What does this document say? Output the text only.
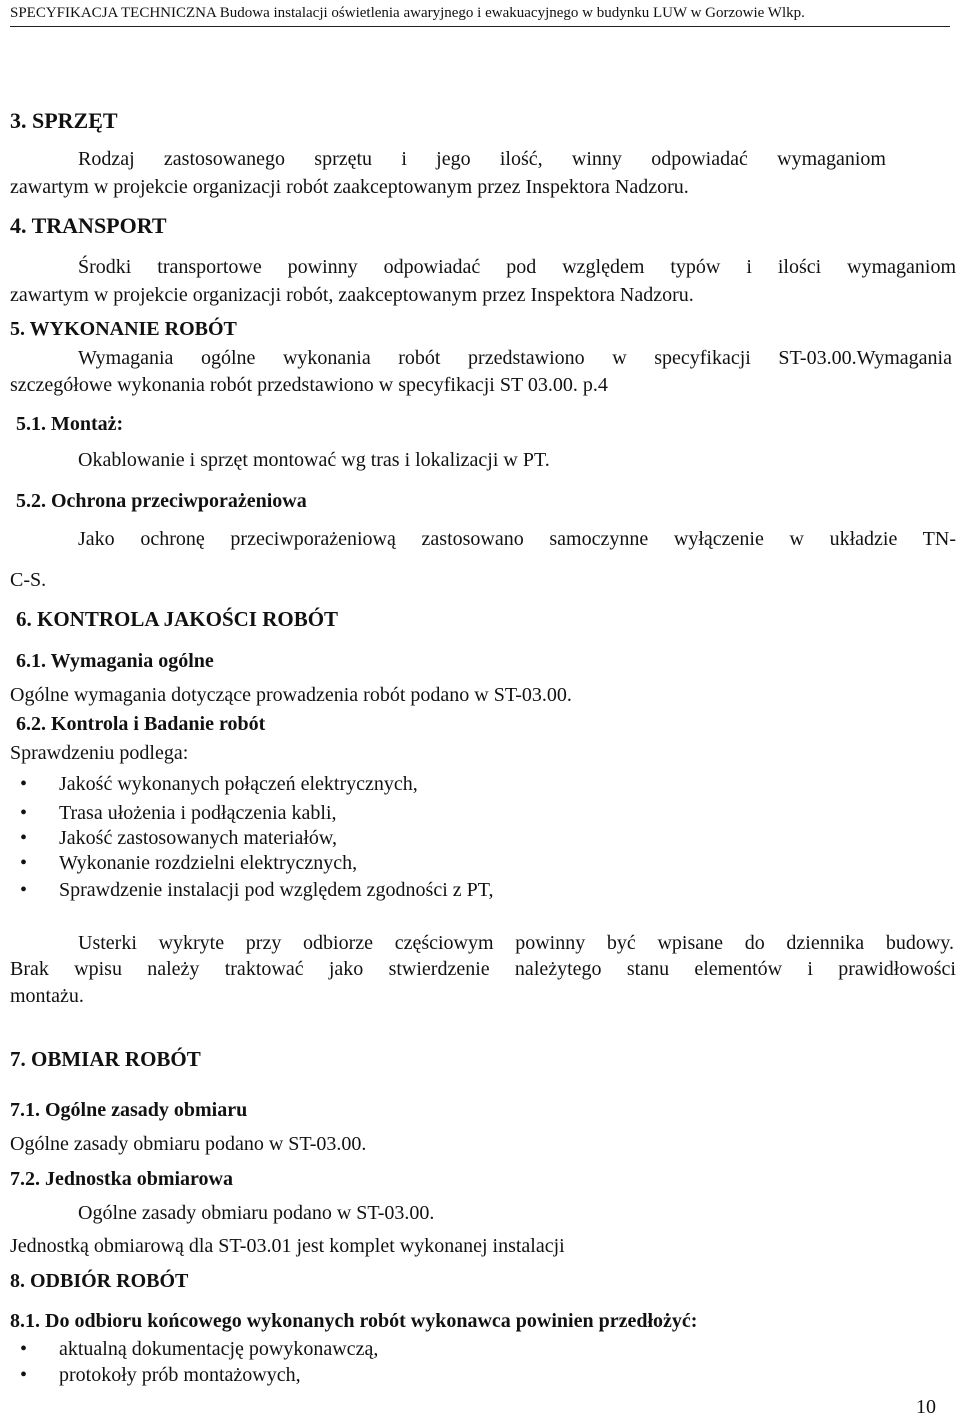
SPECYFIKACJA TECHNICZNA Budowa instalacji oświetlenia awaryjnego i ewakuacyjnego w budynku LUW w Gorzowie Wlkp.
3. SPRZĘT
Rodzaj zastosowanego sprzętu i jego ilość, winny odpowiadać wymaganiom
zawartym w projekcie organizacji robót zaakceptowanym przez Inspektora Nadzoru.
4. TRANSPORT
Środki transportowe powinny odpowiadać pod względem typów i ilości wymaganiom
zawartym w projekcie organizacji robót, zaakceptowanym przez Inspektora Nadzoru.
5. WYKONANIE ROBÓT
Wymagania ogólne wykonania robót przedstawiono w specyfikacji ST-03.00.Wymagania
szczegółowe wykonania robót przedstawiono w specyfikacji ST 03.00. p.4
5.1. Montaż:
Okablowanie i sprzęt montować wg tras i lokalizacji w PT.
5.2. Ochrona przeciwporażeniowa
Jako ochronę przeciwporażeniową zastosowano samoczynne wyłączenie w układzie TN-
C-S.
6. KONTROLA JAKOŚCI ROBÓT
6.1. Wymagania ogólne
Ogólne wymagania dotyczące prowadzenia robót podano w ST-03.00.
6.2. Kontrola i Badanie robót
Sprawdzeniu podlega:
• Jakość wykonanych połączeń elektrycznych,
• Trasa ułożenia i podłączenia kabli,
• Jakość zastosowanych materiałów,
• Wykonanie rozdzielni elektrycznych,
• Sprawdzenie instalacji pod względem zgodności z PT,
Usterki wykryte przy odbiorze częściowym powinny być wpisane do dziennika budowy.
Brak wpisu należy traktować jako stwierdzenie należytego stanu elementów i prawidłowości
montażu.
7. OBMIAR ROBÓT
7.1. Ogólne zasady obmiaru
Ogólne zasady obmiaru podano w ST-03.00.
7.2. Jednostka obmiarowa
Ogólne zasady obmiaru podano w ST-03.00.
Jednostką obmiarową dla ST-03.01 jest komplet wykonanej instalacji
8. ODBIÓR ROBÓT
8.1. Do odbioru końcowego wykonanych robót wykonawca powinien przedłożyć:
• aktualną dokumentację powykonawczą,
• protokoły prób montażowych,
10
